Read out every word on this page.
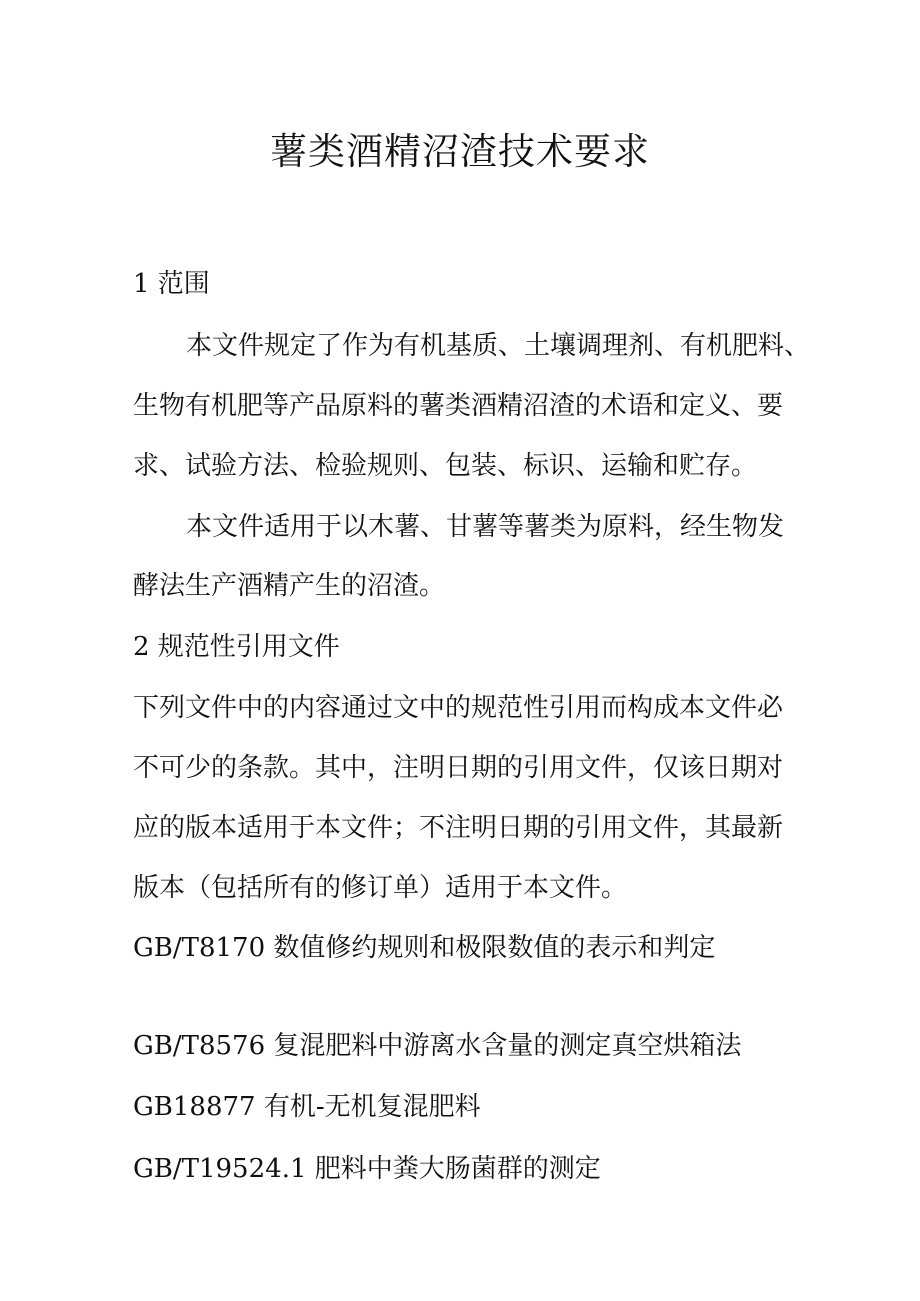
薯类酒精沼渣技术要求

1 范围

本文件规定了作为有机基质、土壤调理剂、有机肥料、

生物有机肥等产品原料的薯类酒精沼渣的术语和定义、要

求、试验方法、检验规则、包装、标识、运输和贮存。

本文件适用于以木薯、甘薯等薯类为原料，经生物发

酵法生产酒精产生的沼渣。

2 规范性引用文件

下列文件中的内容通过文中的规范性引用而构成本文件必

不可少的条款。其中，注明日期的引用文件，仅该日期对

应的版本适用于本文件；不注明日期的引用文件，其最新

版本（包括所有的修订单）适用于本文件。

GB/T8170 数值修约规则和极限数值的表示和判定

GB/T8576 复混肥料中游离水含量的测定真空烘箱法

GB18877 有机-无机复混肥料

GB/T19524.1 肥料中粪大肠菌群的测定
